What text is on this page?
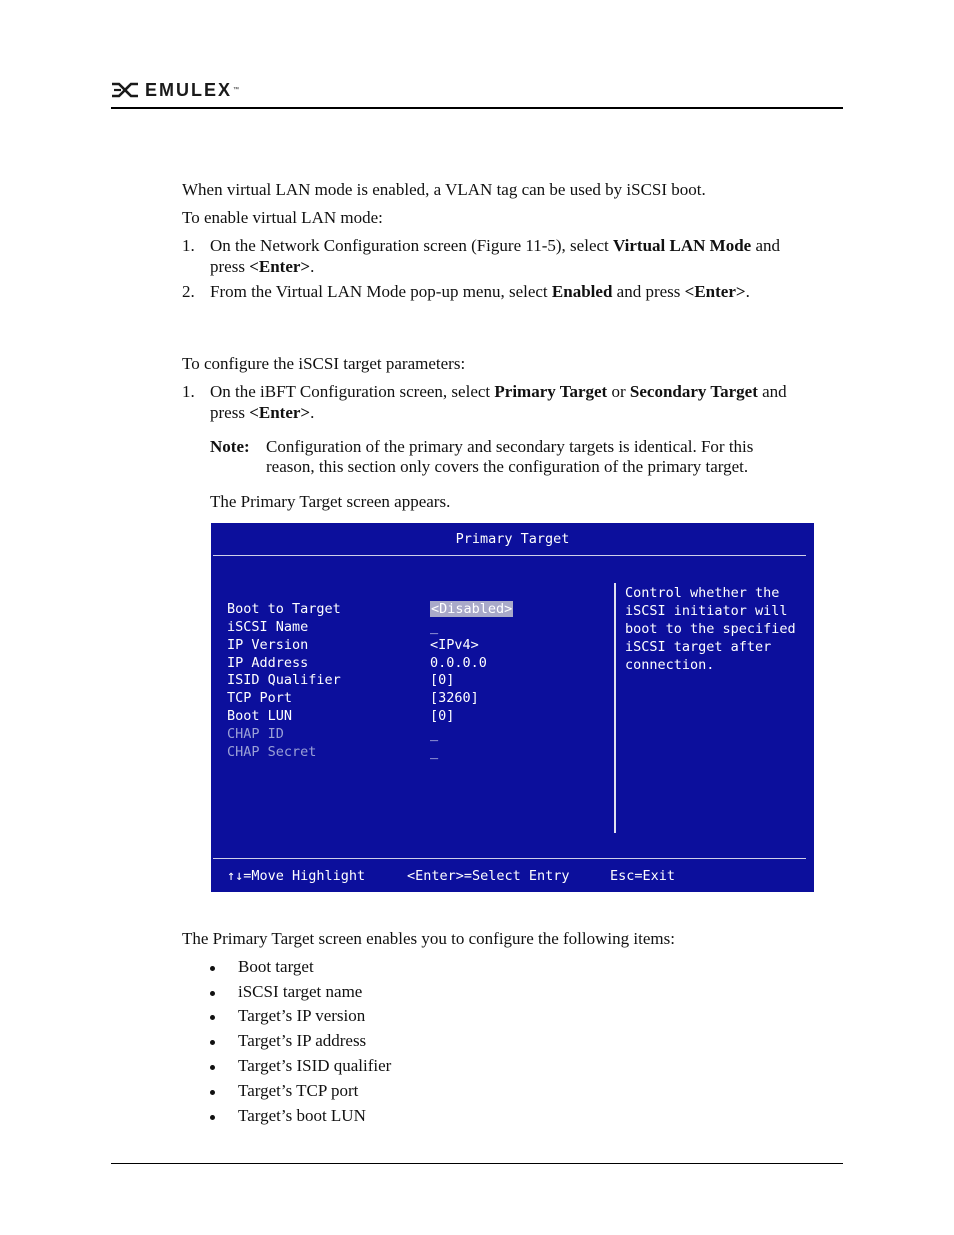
EMULEX ™
When virtual LAN mode is enabled, a VLAN tag can be used by iSCSI boot.
To enable virtual LAN mode:
1. On the Network Configuration screen (Figure 11-5), select Virtual LAN Mode and
press <Enter>.
2. From the Virtual LAN Mode pop-up menu, select Enabled and press <Enter>.
To configure the iSCSI target parameters:
1. On the iBFT Configuration screen, select Primary Target or Secondary Target and
press <Enter>.
Note: Configuration of the primary and secondary targets is identical. For this
reason, this section only covers the configuration of the primary target.
The Primary Target screen appears.
Primary Target
Boot to Target	<Disabled>
iSCSI Name	_
IP Version	<IPv4>
IP Address	0.0.0.0
ISID Qualifier	[0]
TCP Port	[3260]
Boot LUN	[0]
CHAP ID	_
CHAP Secret	_
Control whether the
iSCSI initiator will
boot to the specified
iSCSI target after
connection.
↑↓=Move Highlight	<Enter>=Select Entry	Esc=Exit
The Primary Target screen enables you to configure the following items:
Boot target
iSCSI target name
Target’s IP version
Target’s IP address
Target’s ISID qualifier
Target’s TCP port
Target’s boot LUN
